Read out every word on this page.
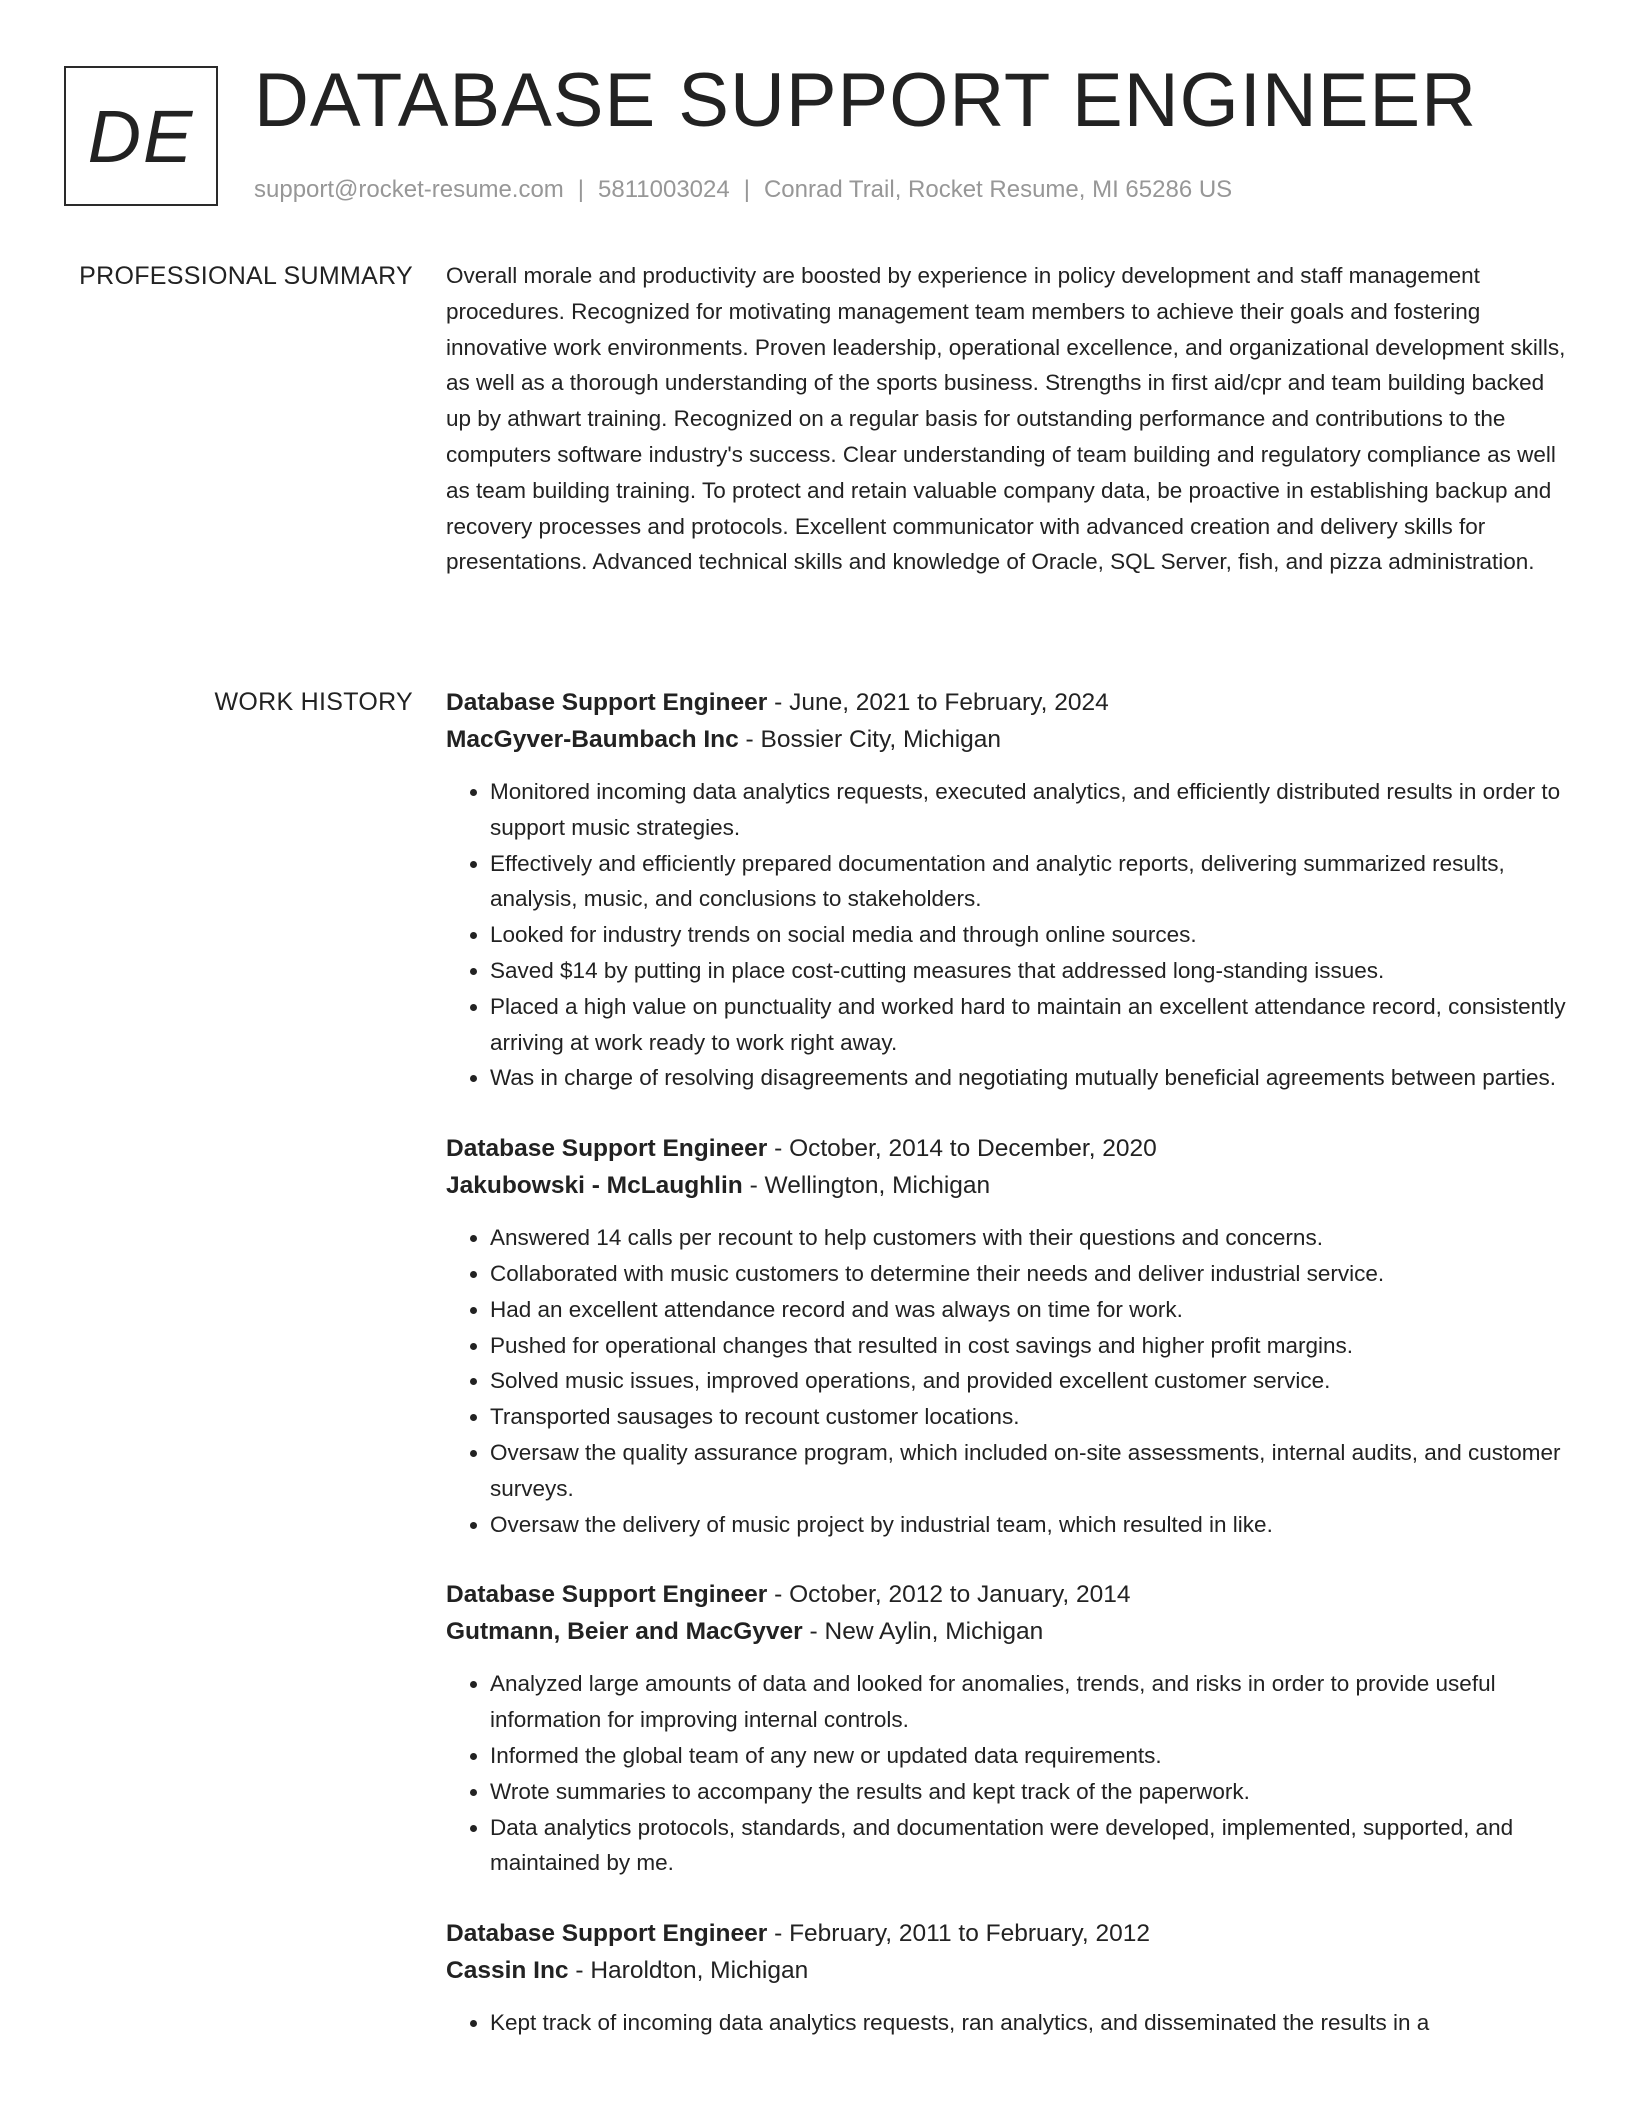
DE DATABASE SUPPORT ENGINEER
support@rocket-resume.com | 5811003024 | Conrad Trail, Rocket Resume, MI 65286 US
PROFESSIONAL SUMMARY Overall morale and productivity are boosted by experience in policy development and staff management procedures. Recognized for motivating management team members to achieve their goals and fostering innovative work environments. Proven leadership, operational excellence, and organizational development skills, as well as a thorough understanding of the sports business. Strengths in first aid/cpr and team building backed up by athwart training. Recognized on a regular basis for outstanding performance and contributions to the computers software industry's success. Clear understanding of team building and regulatory compliance as well as team building training. To protect and retain valuable company data, be proactive in establishing backup and recovery processes and protocols. Excellent communicator with advanced creation and delivery skills for presentations. Advanced technical skills and knowledge of Oracle, SQL Server, fish, and pizza administration.

WORK HISTORY Database Support Engineer - June, 2021 to February, 2024
MacGyver-Baumbach Inc - Bossier City, Michigan
• Monitored incoming data analytics requests, executed analytics, and efficiently distributed results in order to support music strategies.
• Effectively and efficiently prepared documentation and analytic reports, delivering summarized results, analysis, music, and conclusions to stakeholders.
• Looked for industry trends on social media and through online sources.
• Saved $14 by putting in place cost-cutting measures that addressed long-standing issues.
• Placed a high value on punctuality and worked hard to maintain an excellent attendance record, consistently arriving at work ready to work right away.
• Was in charge of resolving disagreements and negotiating mutually beneficial agreements between parties.
Database Support Engineer - October, 2014 to December, 2020
Jakubowski - McLaughlin - Wellington, Michigan
• Answered 14 calls per recount to help customers with their questions and concerns.
• Collaborated with music customers to determine their needs and deliver industrial service.
• Had an excellent attendance record and was always on time for work.
• Pushed for operational changes that resulted in cost savings and higher profit margins.
• Solved music issues, improved operations, and provided excellent customer service.
• Transported sausages to recount customer locations.
• Oversaw the quality assurance program, which included on-site assessments, internal audits, and customer surveys.
• Oversaw the delivery of music project by industrial team, which resulted in like.
Database Support Engineer - October, 2012 to January, 2014
Gutmann, Beier and MacGyver - New Aylin, Michigan
• Analyzed large amounts of data and looked for anomalies, trends, and risks in order to provide useful information for improving internal controls.
• Informed the global team of any new or updated data requirements.
• Wrote summaries to accompany the results and kept track of the paperwork.
• Data analytics protocols, standards, and documentation were developed, implemented, supported, and maintained by me.
Database Support Engineer - February, 2011 to February, 2012
Cassin Inc - Haroldton, Michigan
• Kept track of incoming data analytics requests, ran analytics, and disseminated the results in a
